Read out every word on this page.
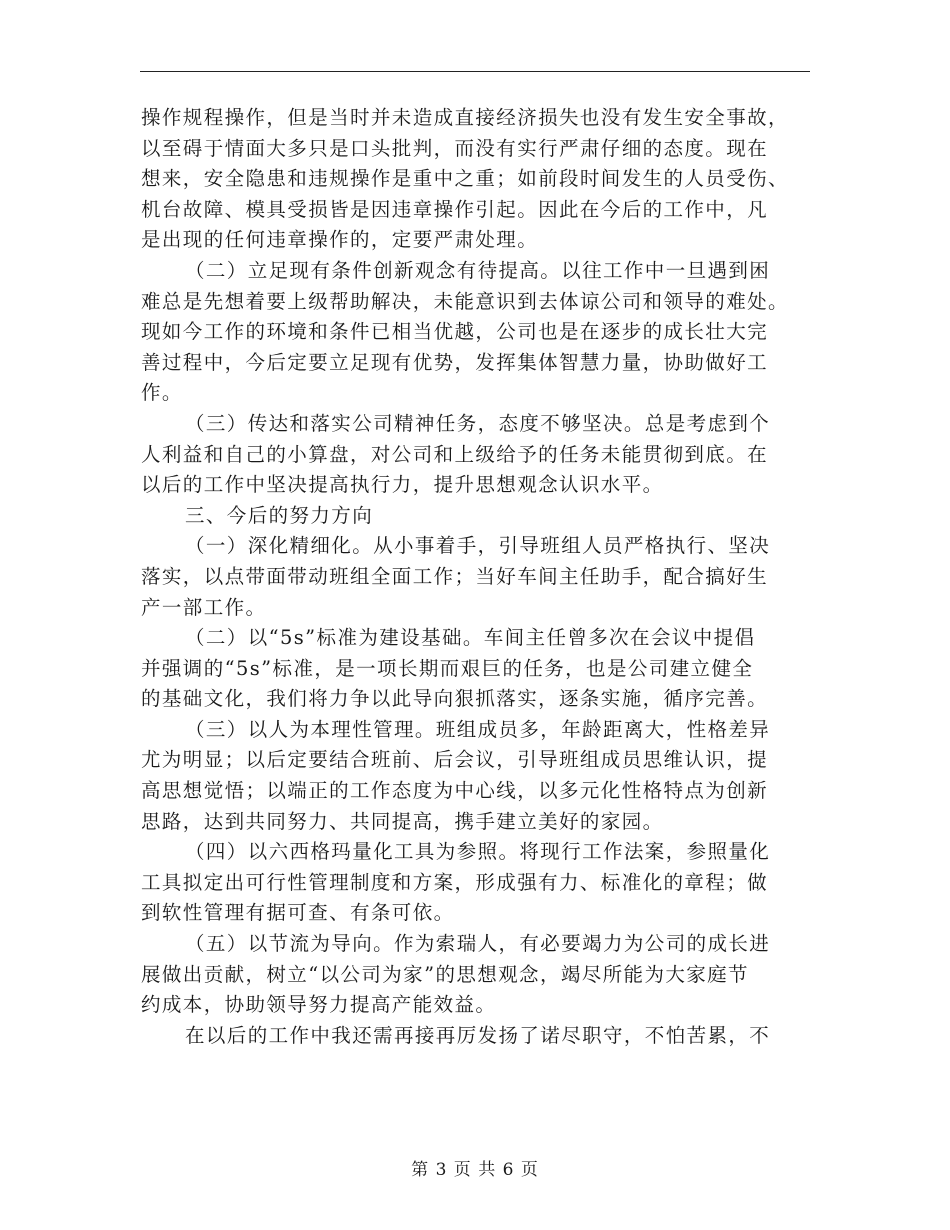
操作规程操作，但是当时并未造成直接经济损失也没有发生安全事故，
以至碍于情面大多只是口头批判，而没有实行严肃仔细的态度。现在
想来，安全隐患和违规操作是重中之重；如前段时间发生的人员受伤、
机台故障、模具受损皆是因违章操作引起。因此在今后的工作中，凡
是出现的任何违章操作的，定要严肃处理。
（二）立足现有条件创新观念有待提高。以往工作中一旦遇到困
难总是先想着要上级帮助解决，未能意识到去体谅公司和领导的难处。
现如今工作的环境和条件已相当优越，公司也是在逐步的成长壮大完
善过程中，今后定要立足现有优势，发挥集体智慧力量，协助做好工
作。
（三）传达和落实公司精神任务，态度不够坚决。总是考虑到个
人利益和自己的小算盘，对公司和上级给予的任务未能贯彻到底。在
以后的工作中坚决提高执行力，提升思想观念认识水平。
三、今后的努力方向
（一）深化精细化。从小事着手，引导班组人员严格执行、坚决
落实，以点带面带动班组全面工作；当好车间主任助手，配合搞好生
产一部工作。
（二）以“5s”标准为建设基础。车间主任曾多次在会议中提倡
并强调的“5s”标准，是一项长期而艰巨的任务，也是公司建立健全
的基础文化，我们将力争以此导向狠抓落实，逐条实施，循序完善。
（三）以人为本理性管理。班组成员多，年龄距离大，性格差异
尤为明显；以后定要结合班前、后会议，引导班组成员思维认识，提
高思想觉悟；以端正的工作态度为中心线，以多元化性格特点为创新
思路，达到共同努力、共同提高，携手建立美好的家园。
（四）以六西格玛量化工具为参照。将现行工作法案，参照量化
工具拟定出可行性管理制度和方案，形成强有力、标准化的章程；做
到软性管理有据可查、有条可依。
（五）以节流为导向。作为索瑞人，有必要竭力为公司的成长进
展做出贡献，树立“以公司为家”的思想观念，竭尽所能为大家庭节
约成本，协助领导努力提高产能效益。
在以后的工作中我还需再接再厉发扬了诺尽职守，不怕苦累，不
第 3 页 共 6 页
